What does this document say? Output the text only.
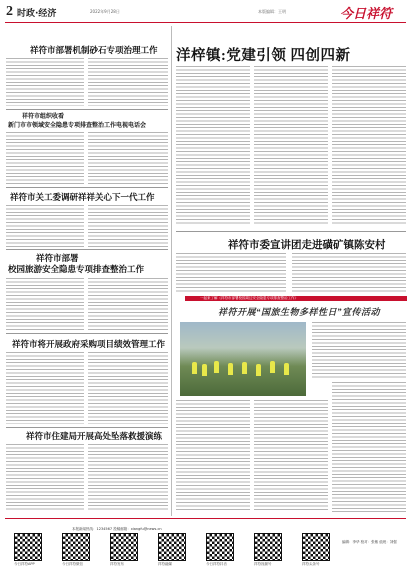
2 时政·经济	2022年9月28日	本版编辑：王明	今日祥符
祥符市部署机制砂石专项治理工作
祥符市组织收看
新门市市领域安全隐患专项排查整治工作电视电话会
祥符市关工委调研祥祥关心下一代工作
祥符市部署
校园旅游安全隐患专项排查整治工作
祥符市将开展政府采购项目绩效管理工作
祥符市住建局开展高处坠落救援演练
洋梓镇:党建引领 四创四新
祥符市委宣讲团走进磺矿镇陈安村
一起来了解《祥符市部署校园周边安全隐患专项排查整治工作》
祥符开展“国旅生物多样性日”宣传活动
本报新闻热线：1234567 投稿邮箱：xiangfu@news.cn
今日祥符APP	今日祥符微信	祥符发布	祥符融媒	今日祥符抖音	祥符视频号	祥符头条号
编辑：李华 校对：张敏 值班：刘强
